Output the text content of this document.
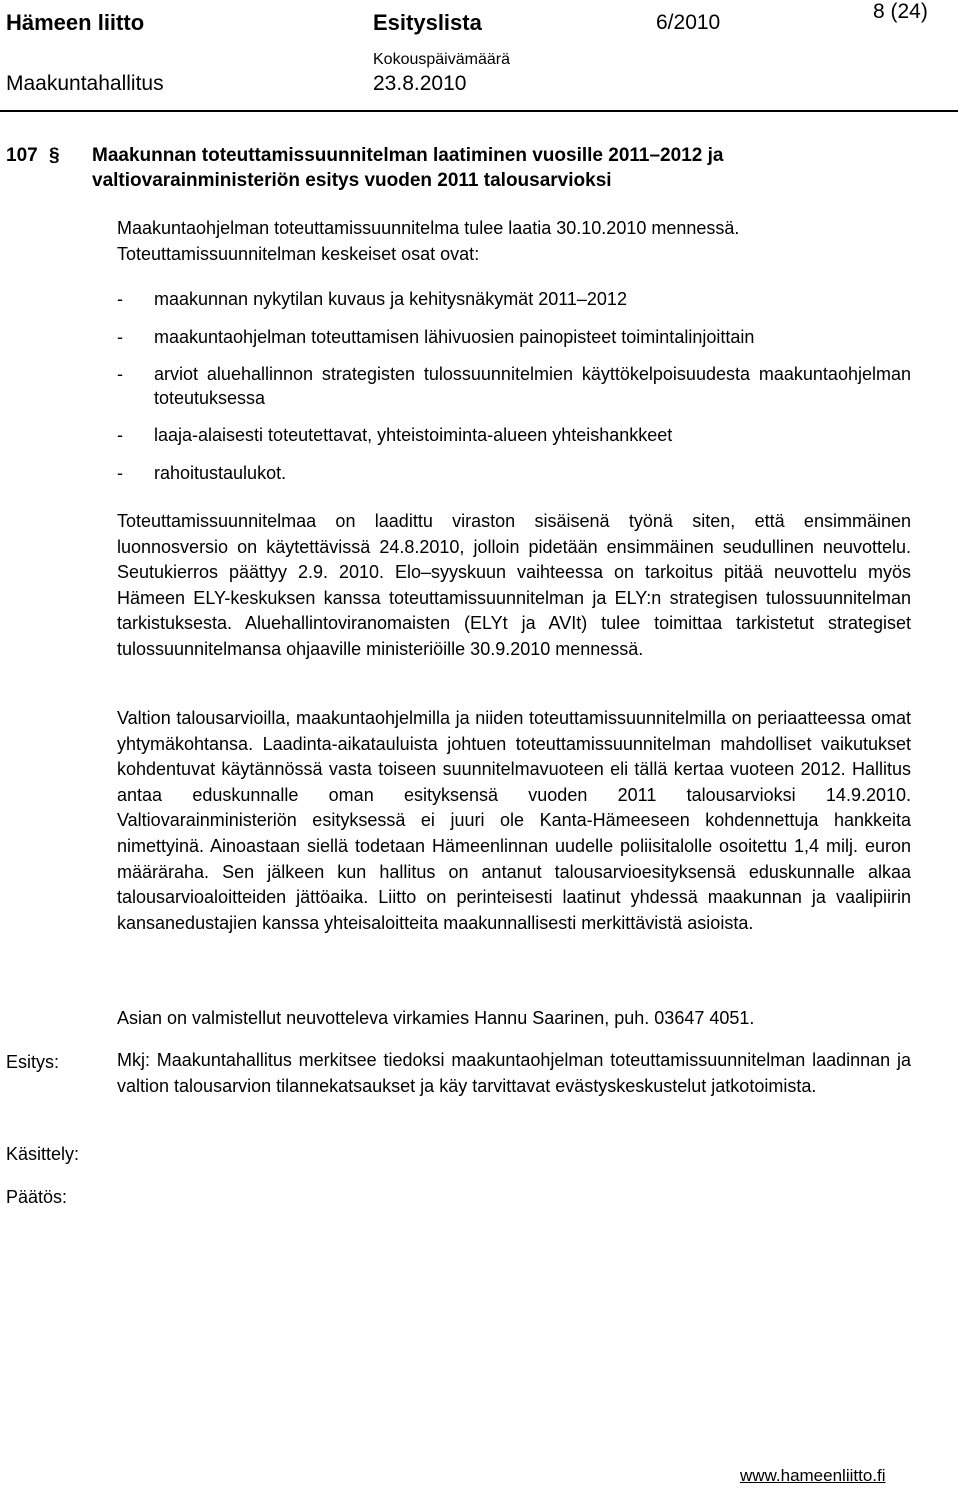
Hämeen liitto	Esityslista	6/2010	8 (24)
Maakuntahallitus
Kokouspäivämäärä
23.8.2010
107 § Maakunnan toteuttamissuunnitelman laatiminen vuosille 2011–2012 ja valtiovarainministeriön esitys vuoden 2011 talousarvioksi
Maakuntaohjelman toteuttamissuunnitelma tulee laatia 30.10.2010 mennessä. Toteuttamissuunnitelman keskeiset osat ovat:
- maakunnan nykytilan kuvaus ja kehitysnäkymät 2011–2012
- maakuntaohjelman toteuttamisen lähivuosien painopisteet toimintalinjoittain
- arviot aluehallinnon strategisten tulossuunnitelmien käyttökelpoisuudesta maakuntaohjelman toteutuksessa
- laaja-alaisesti toteutettavat, yhteistoiminta-alueen yhteishankkeet
- rahoitustaulukot.
Toteuttamissuunnitelmaa on laadittu viraston sisäisenä työnä siten, että ensimmäinen luonnosversio on käytettävissä 24.8.2010, jolloin pidetään ensimmäinen seudullinen neuvottelu. Seutukierros päättyy 2.9. 2010. Elo–syyskuun vaihteessa on tarkoitus pitää neuvottelu myös Hämeen ELY-keskuksen kanssa toteuttamissuunnitelman ja ELY:n strategisen tulossuunnitelman tarkistuksesta. Aluehallintoviranomaisten (ELYt ja AVIt) tulee toimittaa tarkistetut strategiset tulossuunnitelmansa ohjaaville ministeriöille 30.9.2010 mennessä.
Valtion talousarvioilla, maakuntaohjelmilla ja niiden toteuttamissuunnitelmilla on periaatteessa omat yhtymäkohtansa. Laadinta-aikatauluista johtuen toteuttamissuunnitelman mahdolliset vaikutukset kohdentuvat käytännössä vasta toiseen suunnitelmavuoteen eli tällä kertaa vuoteen 2012. Hallitus antaa eduskunnalle oman esityksensä vuoden 2011 talousarvioksi 14.9.2010. Valtiovarainministeriön esityksessä ei juuri ole Kanta-Hämeeseen kohdennettuja hankkeita nimettyinä. Ainoastaan siellä todetaan Hämeenlinnan uudelle poliisitalolle osoitettu 1,4 milj. euron määräraha. Sen jälkeen kun hallitus on antanut talousarvioesityksensä eduskunnalle alkaa talousarvioaloitteiden jättöaika. Liitto on perinteisesti laatinut yhdessä maakunnan ja vaalipiirin kansanedustajien kanssa yhteisaloitteita maakunnallisesti merkittävistä asioista.
Asian on valmistellut neuvotteleva virkamies Hannu Saarinen, puh. 03647 4051.
Esitys:	Mkj: Maakuntahallitus merkitsee tiedoksi maakuntaohjelman toteuttamissuunnitelman laadinnan ja valtion talousarvion tilannekatsaukset ja käy tarvittavat evästyskeskustelut jatkotoimista.
Käsittely:
Päätös:
www.hameenliitto.fi
